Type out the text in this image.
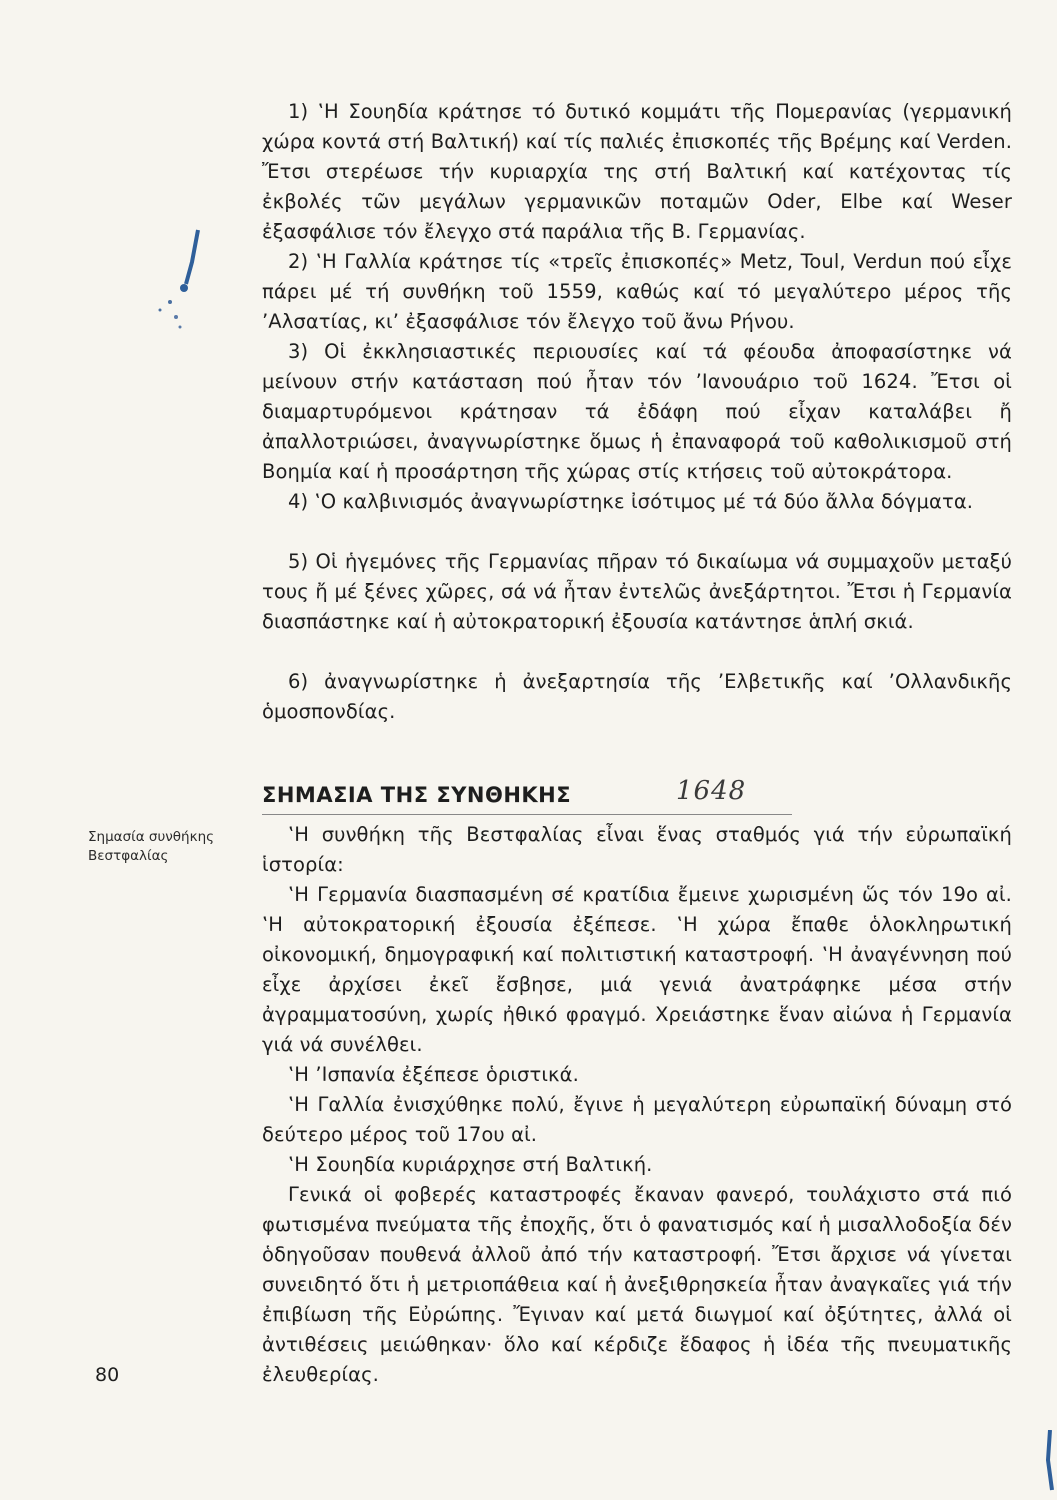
1) ‛Η Σουηδία κράτησε τό δυτικό κομμάτι τῆς Πομερανίας (γερμανική χώρα κοντά στή Βαλτική) καί τίς παλιές ἐπισκοπές τῆς Βρέμης καί Verden. Ἔτσι στερέωσε τήν κυριαρχία της στή Βαλτική καί κατέχοντας τίς ἐκβολές τῶν μεγάλων γερμανικῶν ποταμῶν Oder, Elbe καί Weser ἐξασφάλισε τόν ἔλεγχο στά παράλια τῆς Β. Γερμανίας.

2) ‛Η Γαλλία κράτησε τίς «τρεῖς ἐπισκοπές» Metz, Toul, Verdun πού εἶχε πάρει μέ τή συνθήκη τοῦ 1559, καθώς καί τό μεγαλύτερο μέρος τῆς ’Αλσατίας, κι’ ἐξασφάλισε τόν ἔλεγχο τοῦ ἄνω Ρήνου.

3) Οἱ ἐκκλησιαστικές περιουσίες καί τά φέουδα ἀποφασίστηκε νά μείνουν στήν κατάσταση πού ἦταν τόν ’Ιανουάριο τοῦ 1624. Ἔτσι οἱ διαμαρτυρόμενοι κράτησαν τά ἐδάφη πού εἶχαν καταλάβει ἤ ἀπαλλοτριώσει, ἀναγνωρίστηκε ὅμως ἡ ἐπαναφορά τοῦ καθολικισμοῦ στή Βοημία καί ἡ προσάρτηση τῆς χώρας στίς κτήσεις τοῦ αὐτοκράτορα.

4) ‛Ο καλβινισμός ἀναγνωρίστηκε ἰσότιμος μέ τά δύο ἄλλα δόγματα.

5) Οἱ ἡγεμόνες τῆς Γερμανίας πῆραν τό δικαίωμα νά συμμαχοῦν μεταξύ τους ἤ μέ ξένες χῶρες, σά νά ἦταν ἐντελῶς ἀνεξάρτητοι. Ἔτσι ἡ Γερμανία διασπάστηκε καί ἡ αὐτοκρατορική ἐξουσία κατάντησε ἁπλή σκιά.

6) ἀναγνωρίστηκε ἡ ἀνεξαρτησία τῆς ’Ελβετικῆς καί ’Ολλανδικῆς ὁμοσπονδίας.

ΣΗΜΑΣΙΑ ΤΗΣ ΣΥΝΘΗΚΗΣ	1648
Σημασία συνθήκης
Βεστφαλίας

‛Η συνθήκη τῆς Βεστφαλίας εἶναι ἕνας σταθμός γιά τήν εὐρωπαϊκή ἱστορία:

‛Η Γερμανία διασπασμένη σέ κρατίδια ἔμεινε χωρισμένη ὥς τόν 19ο αἰ. ‛Η αὐτοκρατορική ἐξουσία ἐξέπεσε. ‛Η χώρα ἔπαθε ὁλοκληρωτική οἰκονομική, δημογραφική καί πολιτιστική καταστροφή. ‛Η ἀναγέννηση πού εἶχε ἀρχίσει ἐκεῖ ἔσβησε, μιά γενιά ἀνατράφηκε μέσα στήν ἀγραμματοσύνη, χωρίς ἠθικό φραγμό. Χρειάστηκε ἕναν αἰώνα ἡ Γερμανία γιά νά συνέλθει.

‛Η ’Ισπανία ἐξέπεσε ὁριστικά.

‛Η Γαλλία ἐνισχύθηκε πολύ, ἔγινε ἡ μεγαλύτερη εὐρωπαϊκή δύναμη στό δεύτερο μέρος τοῦ 17ου αἰ.

‛Η Σουηδία κυριάρχησε στή Βαλτική.

Γενικά οἱ φοβερές καταστροφές ἔκαναν φανερό, τουλάχιστο στά πιό φωτισμένα πνεύματα τῆς ἐποχῆς, ὅτι ὁ φανατισμός καί ἡ μισαλλοδοξία δέν ὁδηγοῦσαν πουθενά ἀλλοῦ ἀπό τήν καταστροφή. Ἔτσι ἄρχισε νά γίνεται συνειδητό ὅτι ἡ μετριοπάθεια καί ἡ ἀνεξιθρησκεία ἦταν ἀναγκαῖες γιά τήν ἐπιβίωση τῆς Εὐρώπης. Ἔγιναν καί μετά διωγμοί καί ὀξύτητες, ἀλλά οἱ ἀντιθέσεις μειώθηκαν· ὅλο καί κέρδιζε ἔδαφος ἡ ἰδέα τῆς πνευματικῆς ἐλευθερίας.

80
